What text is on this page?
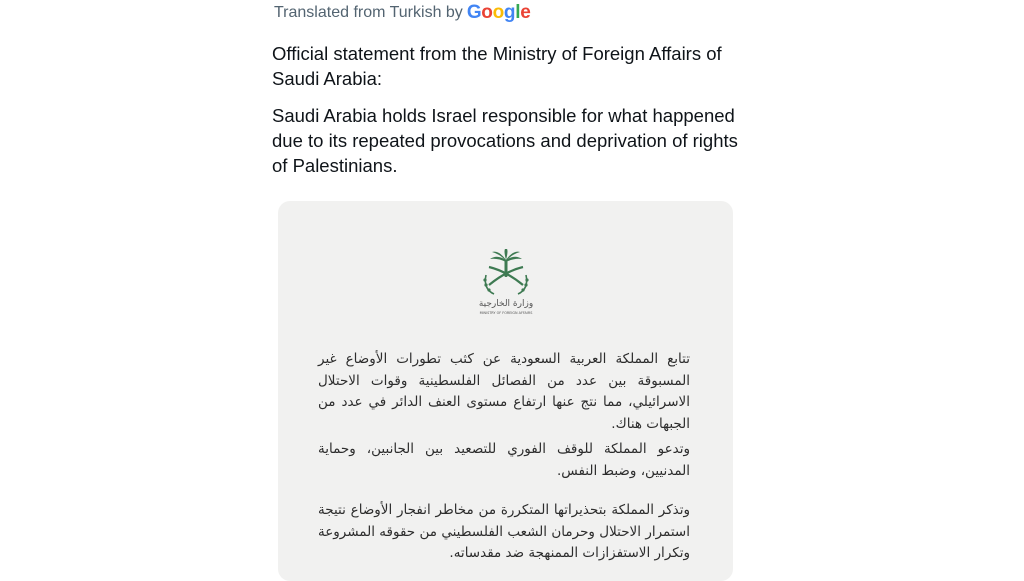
Translated from Turkish by Google
Official statement from the Ministry of Foreign Affairs of Saudi Arabia:
Saudi Arabia holds Israel responsible for what happened due to its repeated provocations and deprivation of rights of Palestinians.
وزارة الخارجية
MINISTRY OF FOREIGN AFFAIRS
تتابع المملكة العربية السعودية عن كثب تطورات الأوضاع غير المسبوقة بين عدد من الفصائل الفلسطينية وقوات الاحتلال الاسرائيلي، مما نتج عنها ارتفاع مستوى العنف الدائر في عدد من الجبهات هناك.
وتدعو المملكة للوقف الفوري للتصعيد بين الجانبين، وحماية المدنيين، وضبط النفس.
وتذكر المملكة بتحذيراتها المتكررة من مخاطر انفجار الأوضاع نتيجة استمرار الاحتلال وحرمان الشعب الفلسطيني من حقوقه المشروعة وتكرار الاستفزازات الممنهجة ضد مقدساته.
